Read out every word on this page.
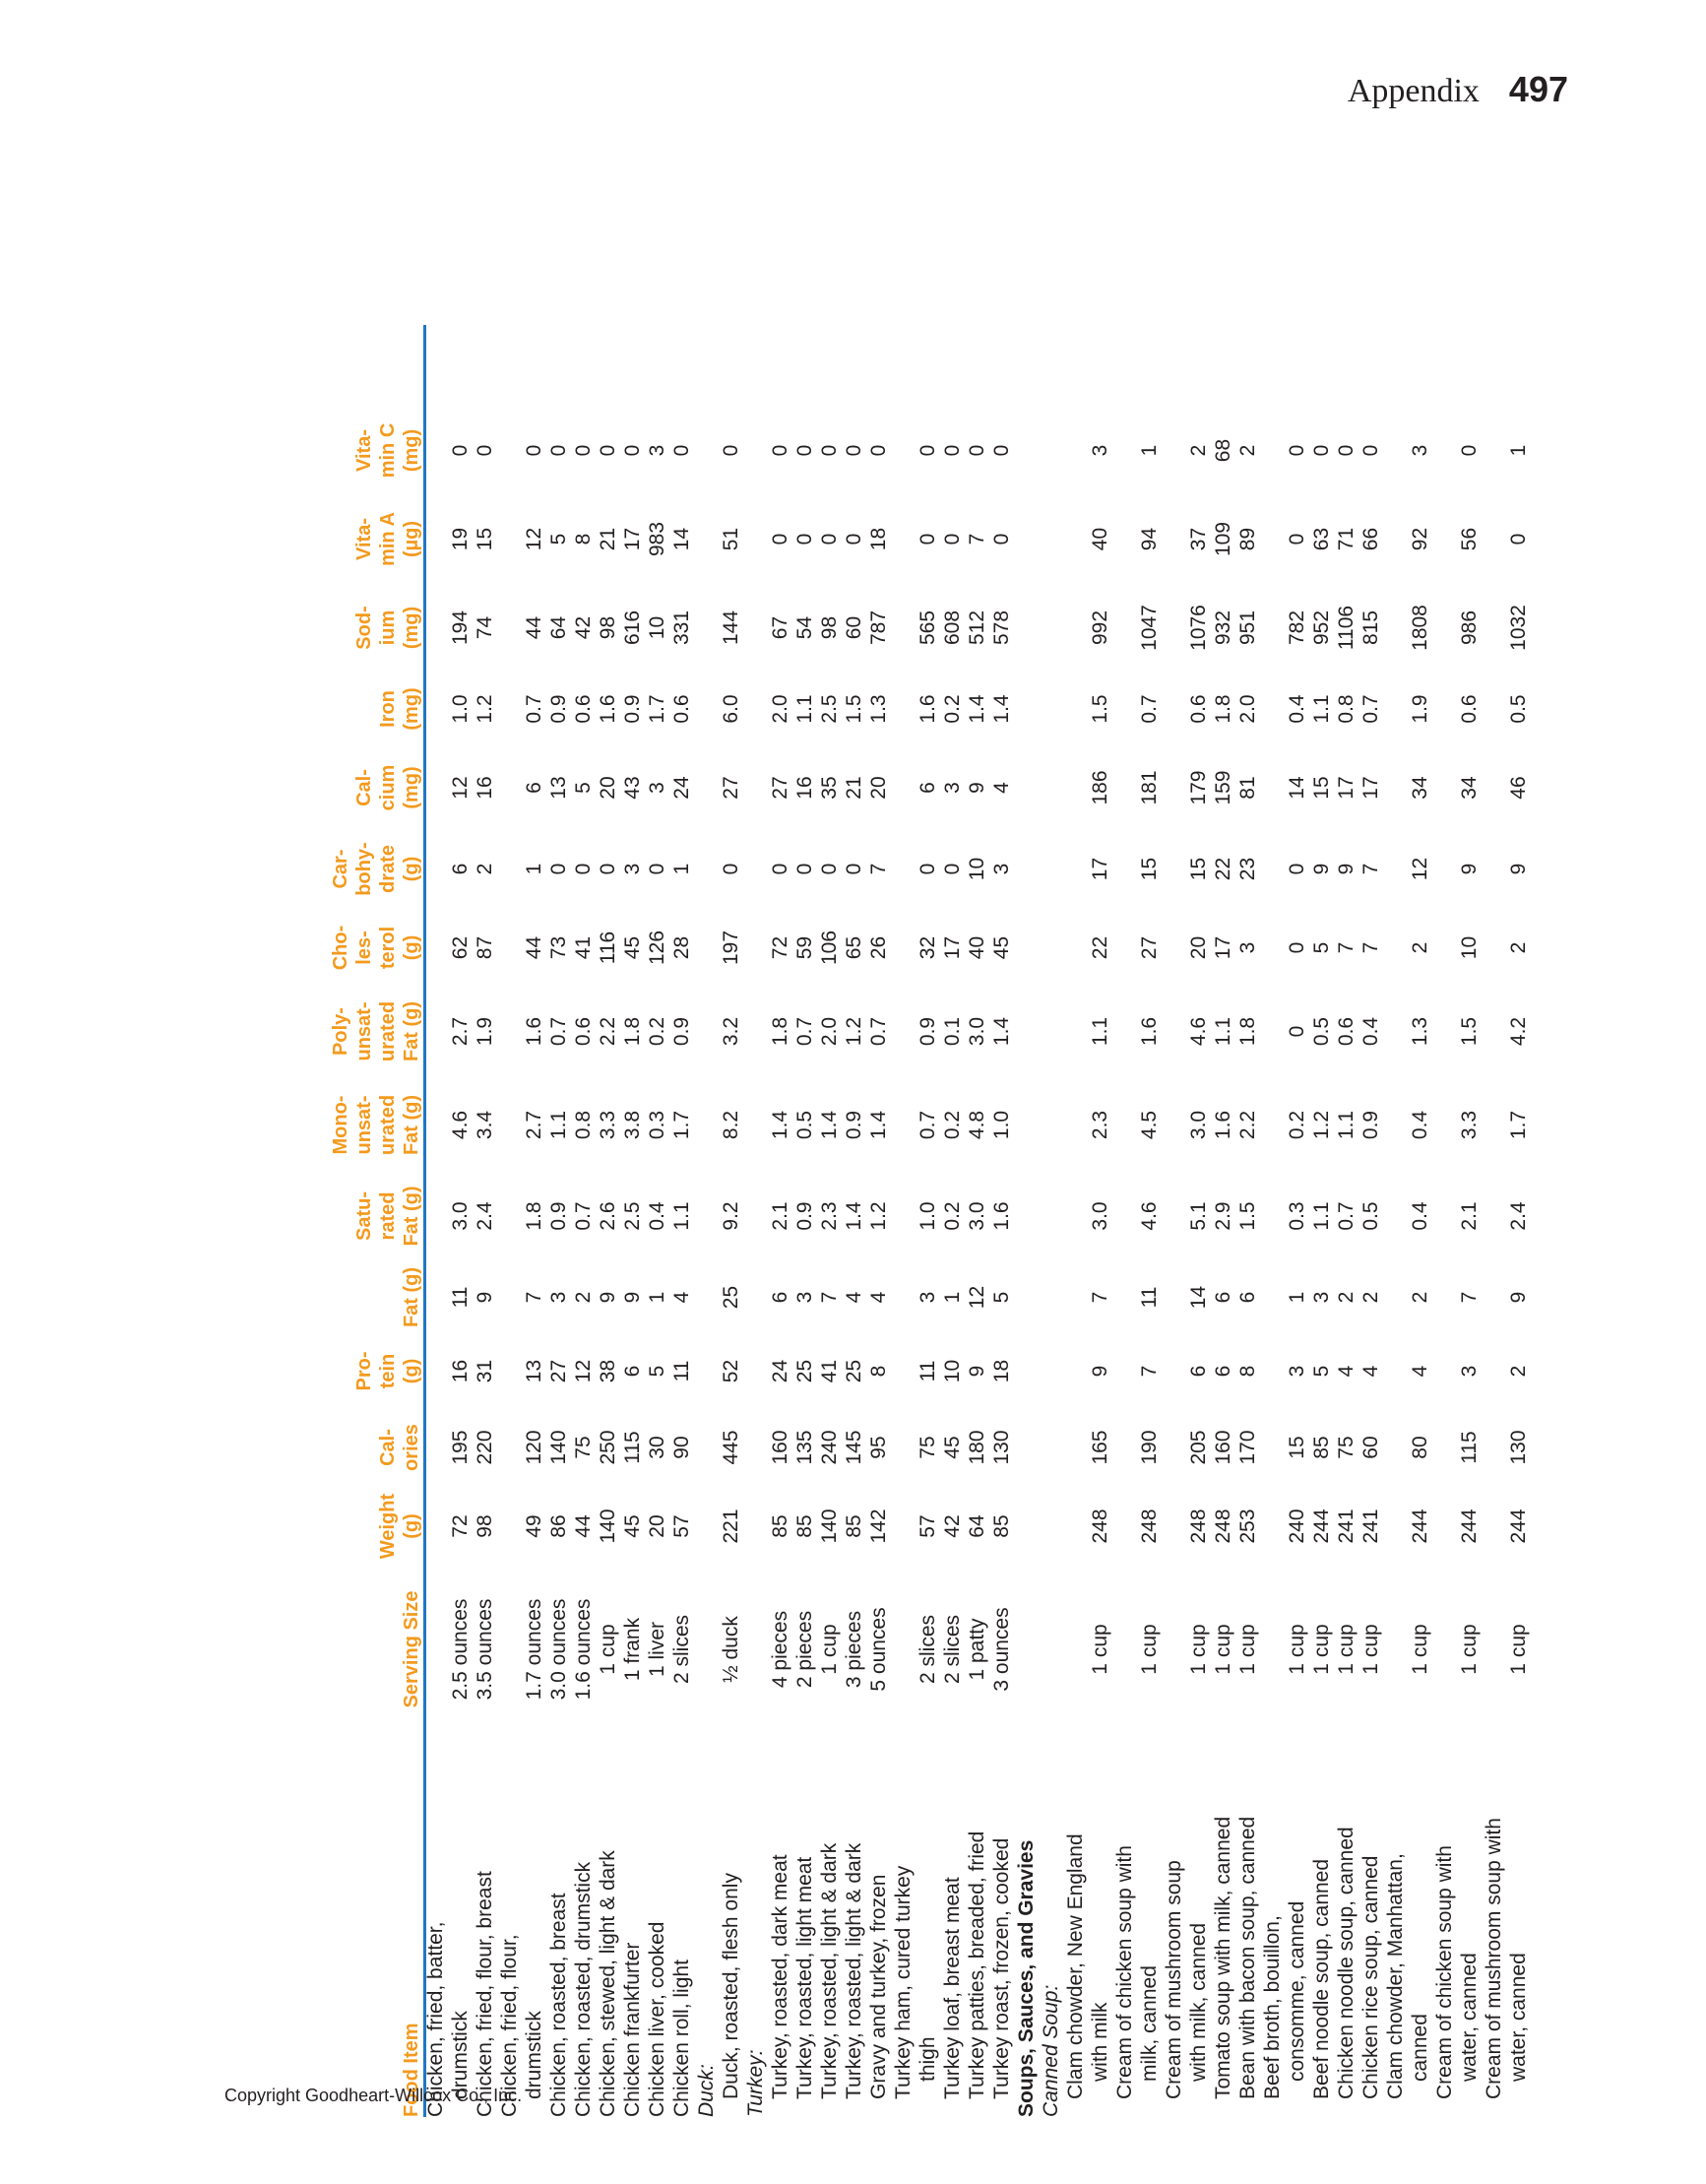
Appendix 497
Food Item
Serving Size
Weight
(g)
Cal-
ories
Pro-
tein
(g)
Fat (g)
Satu-
rated
Fat (g)
Mono-
unsat-
urated
Fat (g)
Poly-
unsat-
urated
Fat (g)
Cho-
les-
terol
(g)
Car-
bohy-
drate
(g)
Cal-
cium
(mg)
Iron
(mg)
Sod-
ium
(mg)
Vita-
min A
(µg)
Vita-
min C
(mg)
Chicken, fried, batter, drumstick
2.5 ounces
72
195
16
11
3.0
4.6
2.7
62
6
12
1.0
194
19
0
Chicken, fried, flour, breast
3.5 ounces
98
220
31
9
2.4
3.4
1.9
87
2
16
1.2
74
15
0
Chicken, fried, flour, drumstick
1.7 ounces
49
120
13
7
1.8
2.7
1.6
44
1
6
0.7
44
12
0
Chicken, roasted, breast
3.0 ounces
86
140
27
3
0.9
1.1
0.7
73
0
13
0.9
64
5
0
Chicken, roasted, drumstick
1.6 ounces
44
75
12
2
0.7
0.8
0.6
41
0
5
0.6
42
8
0
Chicken, stewed, light & dark
1 cup
140
250
38
9
2.6
3.3
2.2
116
0
20
1.6
98
21
0
Chicken frankfurter
1 frank
45
115
6
9
2.5
3.8
1.8
45
3
43
0.9
616
17
0
Chicken liver, cooked
1 liver
20
30
5
1
0.4
0.3
0.2
126
0
3
1.7
10
983
3
Chicken roll, light
2 slices
57
90
11
4
1.1
1.7
0.9
28
1
24
0.6
331
14
0
Duck: Duck, roasted, flesh only
½ duck
221
445
52
25
9.2
8.2
3.2
197
0
27
6.0
144
51
0
Turkey: Turkey, roasted, dark meat
4 pieces
85
160
24
6
2.1
1.4
1.8
72
0
27
2.0
67
0
0
Turkey, roasted, light meat
2 pieces
85
135
25
3
0.9
0.5
0.7
59
0
16
1.1
54
0
0
Turkey, roasted, light & dark
1 cup
140
240
41
7
2.3
1.4
2.0
106
0
35
2.5
98
0
0
Turkey, roasted, light & dark
3 pieces
85
145
25
4
1.4
0.9
1.2
65
0
21
1.5
60
0
0
Gravy and turkey, frozen
5 ounces
142
95
8
4
1.2
1.4
0.7
26
7
20
1.3
787
18
0
Turkey ham, cured turkey thigh
2 slices
57
75
11
3
1.0
0.7
0.9
32
0
6
1.6
565
0
0
Turkey loaf, breast meat
2 slices
42
45
10
1
0.2
0.2
0.1
17
0
3
0.2
608
0
0
Turkey patties, breaded, fried
1 patty
64
180
9
12
3.0
4.8
3.0
40
10
9
1.4
512
7
0
Turkey roast, frozen, cooked
3 ounces
85
130
18
5
1.6
1.0
1.4
45
3
4
1.4
578
0
0
Soups, Sauces, and Gravies Canned Soup: Clam chowder, New England with milk
1 cup
248
165
9
7
3.0
2.3
1.1
22
17
186
1.5
992
40
3
Cream of chicken soup with milk, canned
1 cup
248
190
7
11
4.6
4.5
1.6
27
15
181
0.7
1047
94
1
Cream of mushroom soup with milk, canned
1 cup
248
205
6
14
5.1
3.0
4.6
20
15
179
0.6
1076
37
2
Tomato soup with milk, canned
1 cup
248
160
6
6
2.9
1.6
1.1
17
22
159
1.8
932
109
68
Bean with bacon soup, canned
1 cup
253
170
8
6
1.5
2.2
1.8
3
23
81
2.0
951
89
2
Beef broth, bouillon, consomme, canned
1 cup
240
15
3
1
0.3
0.2
0
0
0
14
0.4
782
0
0
Beef noodle soup, canned
1 cup
244
85
5
3
1.1
1.2
0.5
5
9
15
1.1
952
63
0
Chicken noodle soup, canned
1 cup
241
75
4
2
0.7
1.1
0.6
7
9
17
0.8
1106
71
0
Chicken rice soup, canned
1 cup
241
60
4
2
0.5
0.9
0.4
7
7
17
0.7
815
66
0
Clam chowder, Manhattan, canned
1 cup
244
80
4
2
0.4
0.4
1.3
2
12
34
1.9
1808
92
3
Cream of chicken soup with water, canned
1 cup
244
115
3
7
2.1
3.3
1.5
10
9
34
0.6
986
56
0
Cream of mushroom soup with water, canned
1 cup
244
130
2
9
2.4
1.7
4.2
2
9
46
0.5
1032
0
1
Copyright Goodheart-Willcox Co., Inc.
